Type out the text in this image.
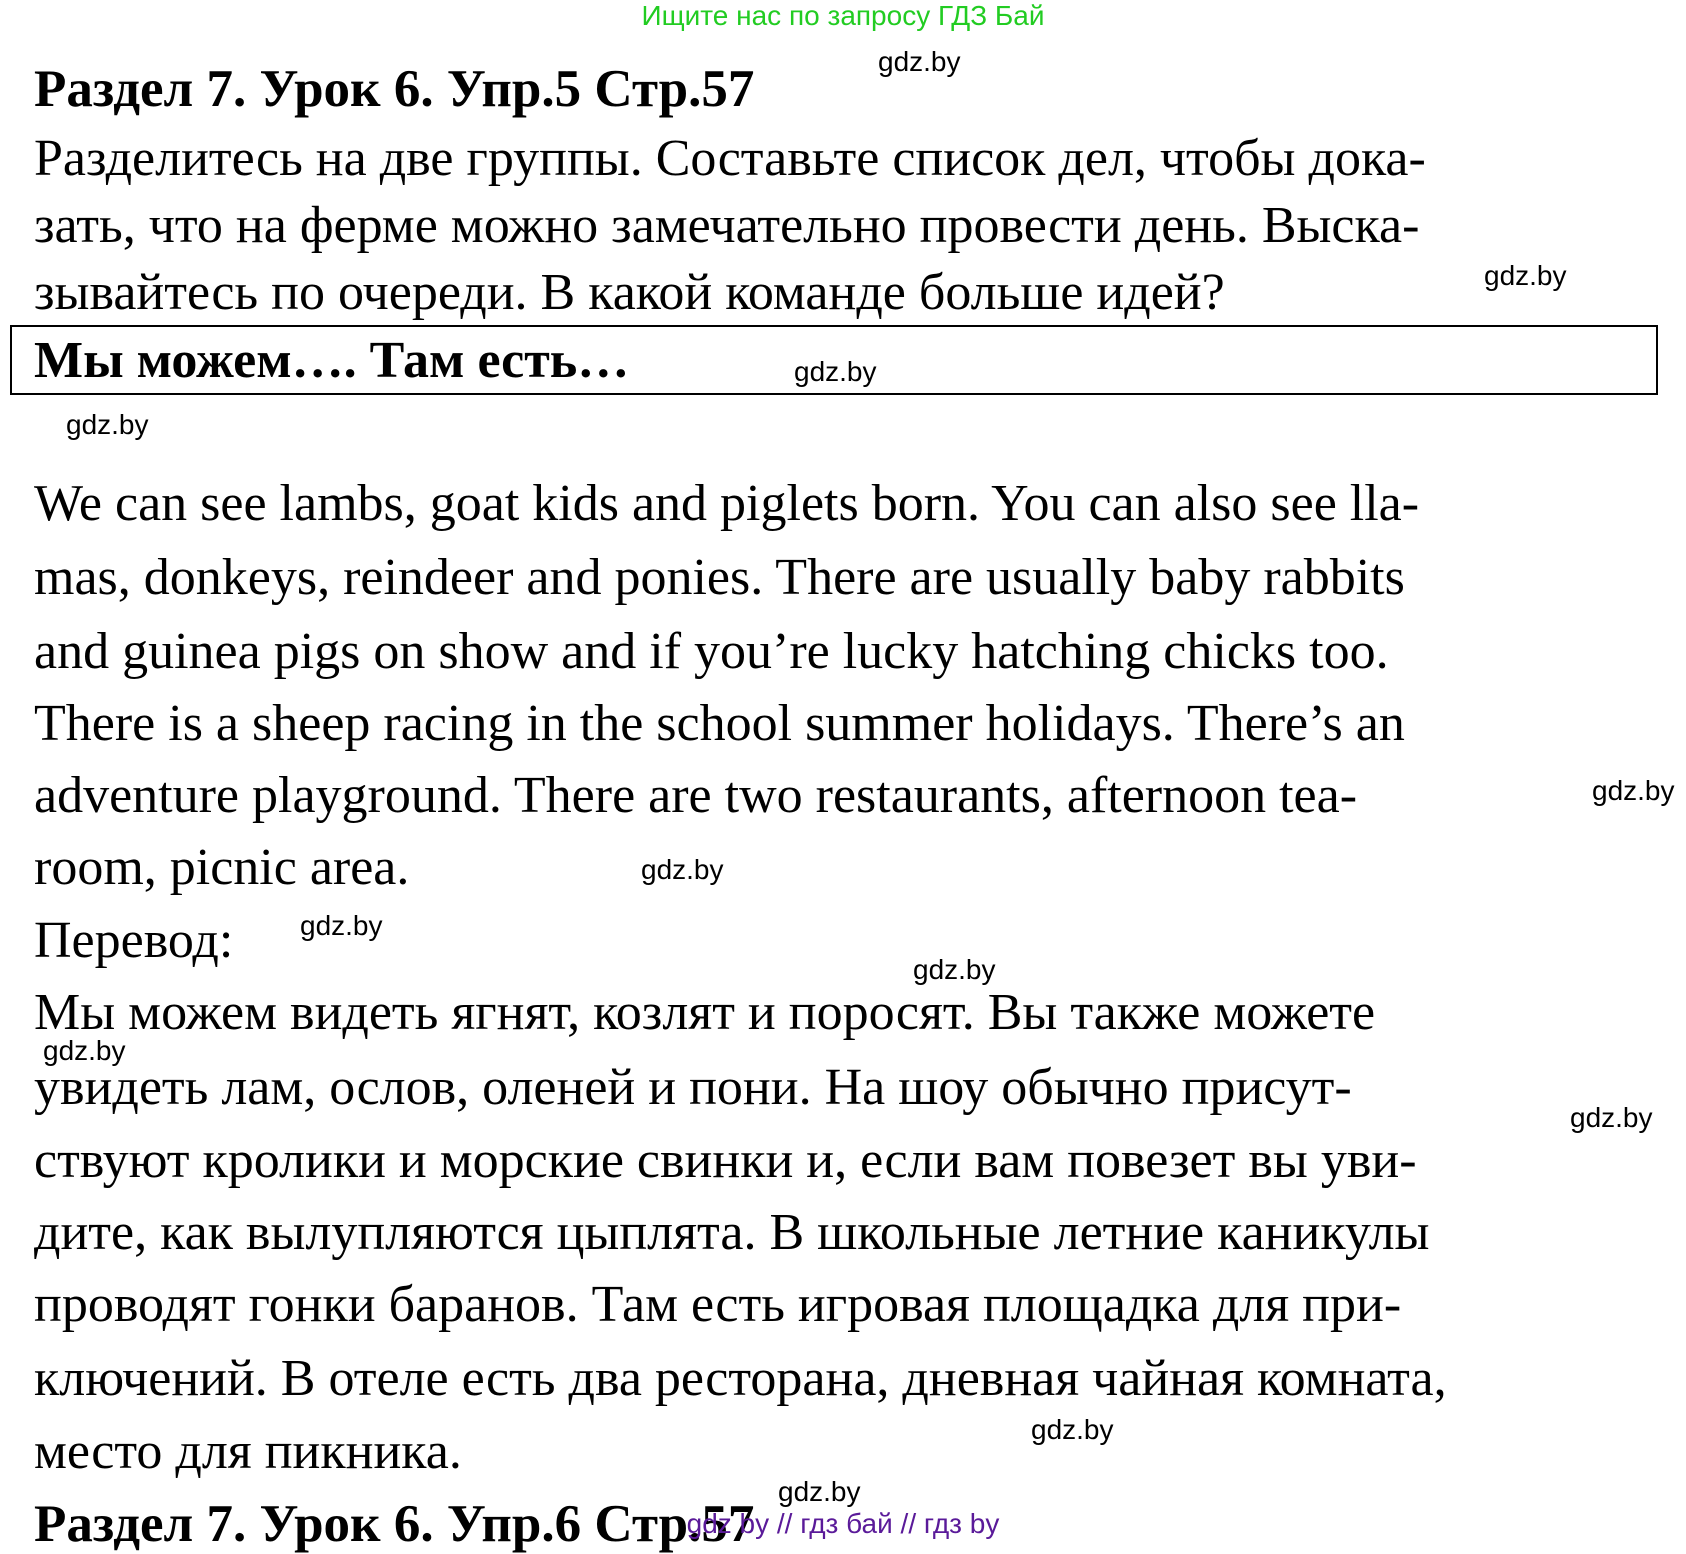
Ищите нас по запросу ГДЗ Бай
Раздел 7. Урок 6. Упр.5 Стр.57
Разделитесь на две группы. Составьте список дел, чтобы дока-
зать, что на ферме можно замечательно провести день. Выска-
зывайтесь по очереди. В какой команде больше идей?
Мы можем…. Там есть…
We can see lambs, goat kids and piglets born. You can also see lla-
mas, donkeys, reindeer and ponies. There are usually baby rabbits
and guinea pigs on show and if you’re lucky hatching chicks too.
There is a sheep racing in the school summer holidays. There’s an
adventure playground. There are two restaurants, afternoon tea-
room, picnic area.
Перевод:
Мы можем видеть ягнят, козлят и поросят. Вы также можете
увидеть лам, ослов, оленей и пони. На шоу обычно присут-
ствуют кролики и морские свинки и, если вам повезет вы уви-
дите, как вылупляются цыплята. В школьные летние каникулы
проводят гонки баранов. Там есть игровая площадка для при-
ключений. В отеле есть два ресторана, дневная чайная комната,
место для пикника.
Раздел 7. Урок 6. Упр.6 Стр.57
gdz.by
gdz.by
gdz.by
gdz.by
gdz.by
gdz.by
gdz.by
gdz.by
gdz.by
gdz.by
gdz.by
gdz.by
gdz by // гдз бай // гдз by
